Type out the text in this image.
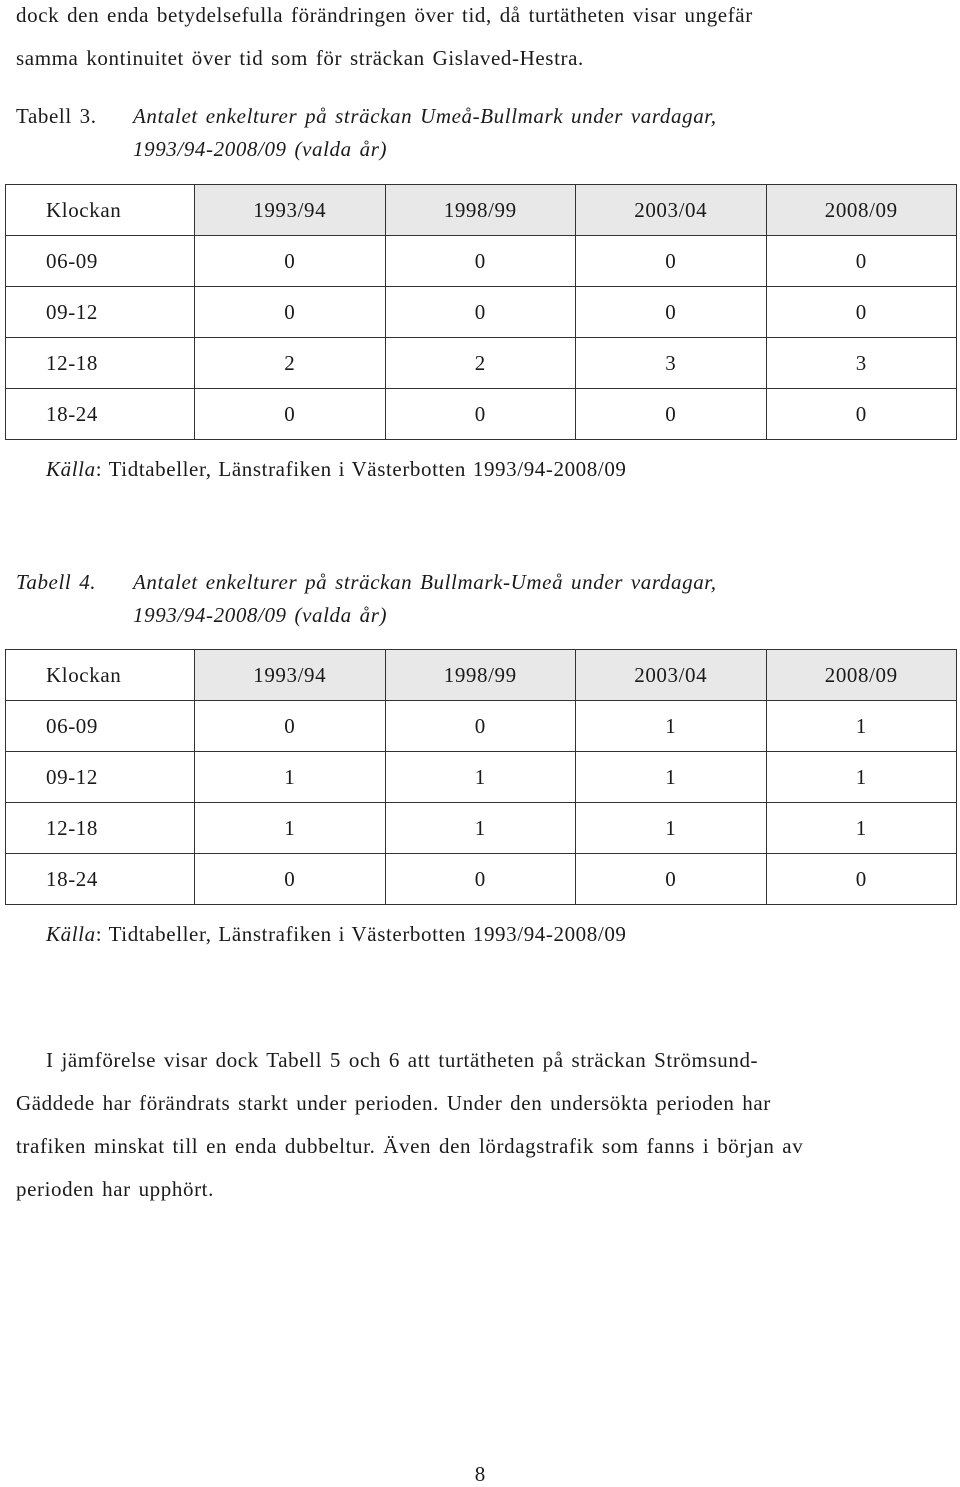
dock den enda betydelsefulla förändringen över tid, då turtätheten visar ungefär
samma kontinuitet över tid som för sträckan Gislaved-Hestra.
Tabell 3. Antalet enkelturer på sträckan Umeå-Bullmark under vardagar,
1993/94-2008/09 (valda år)
Klockan	1993/94	1998/99	2003/04	2008/09
06-09	0	0	0	0
09-12	0	0	0	0
12-18	2	2	3	3
18-24	0	0	0	0
Källa: Tidtabeller, Länstrafiken i Västerbotten 1993/94-2008/09
Tabell 4. Antalet enkelturer på sträckan Bullmark-Umeå under vardagar,
1993/94-2008/09 (valda år)
Klockan	1993/94	1998/99	2003/04	2008/09
06-09	0	0	1	1
09-12	1	1	1	1
12-18	1	1	1	1
18-24	0	0	0	0
Källa: Tidtabeller, Länstrafiken i Västerbotten 1993/94-2008/09
I jämförelse visar dock Tabell 5 och 6 att turtätheten på sträckan Strömsund-
Gäddede har förändrats starkt under perioden. Under den undersökta perioden har
trafiken minskat till en enda dubbeltur. Även den lördagstrafik som fanns i början av
perioden har upphört.
8
